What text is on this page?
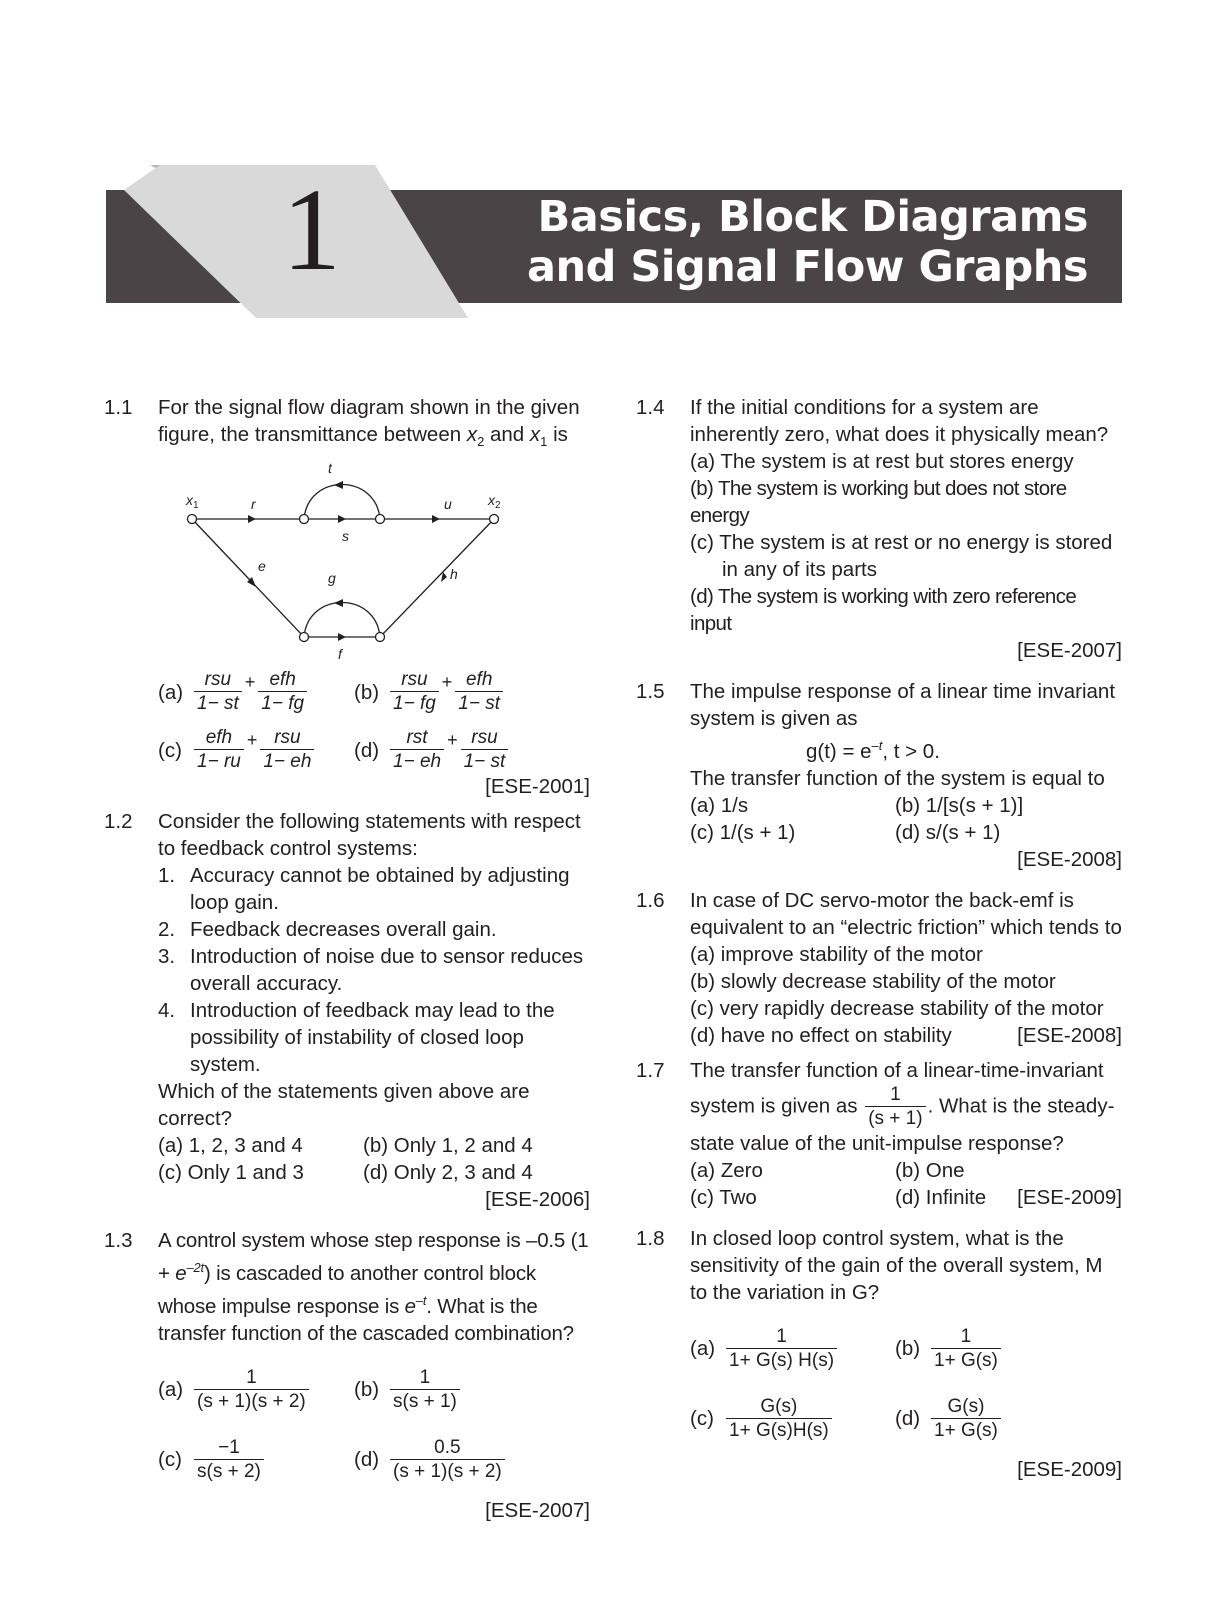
1	Basics, Block Diagrams
and Signal Flow Graphs
1.1 For the signal flow diagram shown in the given figure, the transmittance between $x_2$ and $x_1$ is

$x_1$	r
t
s
u	$x_2$
e
g	h
f
$(a) \frac{\text{rsu}}{1- st} + \frac{\text{efh}}{1- fg} (b) \frac{\text{rsu}}{1- fg} + \frac{\text{efh}}{1- st}$
$(c) \frac{\text{efh}}{1- ru} + \frac{\text{rsu}}{1- eh} (d) \frac{\text{rst}}{1- eh} + \frac{\text{rsu}}{1- st}$
[ESE-2001]
1.2 Consider the following statements with respect to feedback control systems:

1. Accuracy cannot be obtained by adjusting loop gain.
2. Feedback decreases overall gain.
3. Introduction of noise due to sensor reduces overall accuracy.
4. Introduction of feedback may lead to the possibility of instability of closed loop system.

Which of the statements given above are correct?

(a) 1, 2, 3 and 4	(b) Only 1, 2 and 4
(c) Only 1 and 3	(d) Only 2, 3 and 4
[ESE-2006]
1.3 A control system whose step response is –0.5 $(1 + e^{-2t})$ is cascaded to another control block whose impulse response is $e^{-t}$. What is the transfer function of the cascaded combination?

$(a) \frac{1}{(s + 1)(s + 2)} (b) \frac{1}{s(s + 1)}$
$(c) \frac{-1}{s(s + 2)}$	$(d) \frac{0.5}{(s + 1)(s + 2)}$
[ESE-2007]
1.4 If the initial conditions for a system are inherently zero, what does it physically mean?

(a) The system is at rest but stores energy
(b) The system is working but does not store energy
(c) The system is at rest or no energy is stored in any of its parts
(d) The system is working with zero reference input
[ESE-2007]
1.5 The impulse response of a linear time invariant system is given as

$g(t) = e^{-t}$, t > 0.

The transfer function of the system is equal to

(a) 1/s	(b) 1/[s(s + 1)]
(c) 1/(s + 1)	(d) s/(s + 1)
[ESE-2008]
1.6 In case of DC servo-motor the back-emf is equivalent to an “electric friction” which tends to

(a) improve stability of the motor
(b) slowly decrease stability of the motor
(c) very rapidly decrease stability of the motor
(d) have no effect on stability	[ESE-2008]
1.7 The transfer function of a linear-time-invariant

system is given as $\frac{1}{(s + 1)}$ . What is the steady-

state value of the unit-impulse response?

(a) Zero	(b) One
(c) Two	(d) Infinite	[ESE-2009]
1.8 In closed loop control system, what is the sensitivity of the gain of the overall system, M to the variation in G?

$(a) \frac{1}{1+ G(s) H(s)}$	$(b) \frac{1}{1+ G(s)}$
$(c) \frac{G(s)}{1+ G(s)H(s)}$	$(d) \frac{G(s)}{1+ G(s)}$
[ESE-2009]
